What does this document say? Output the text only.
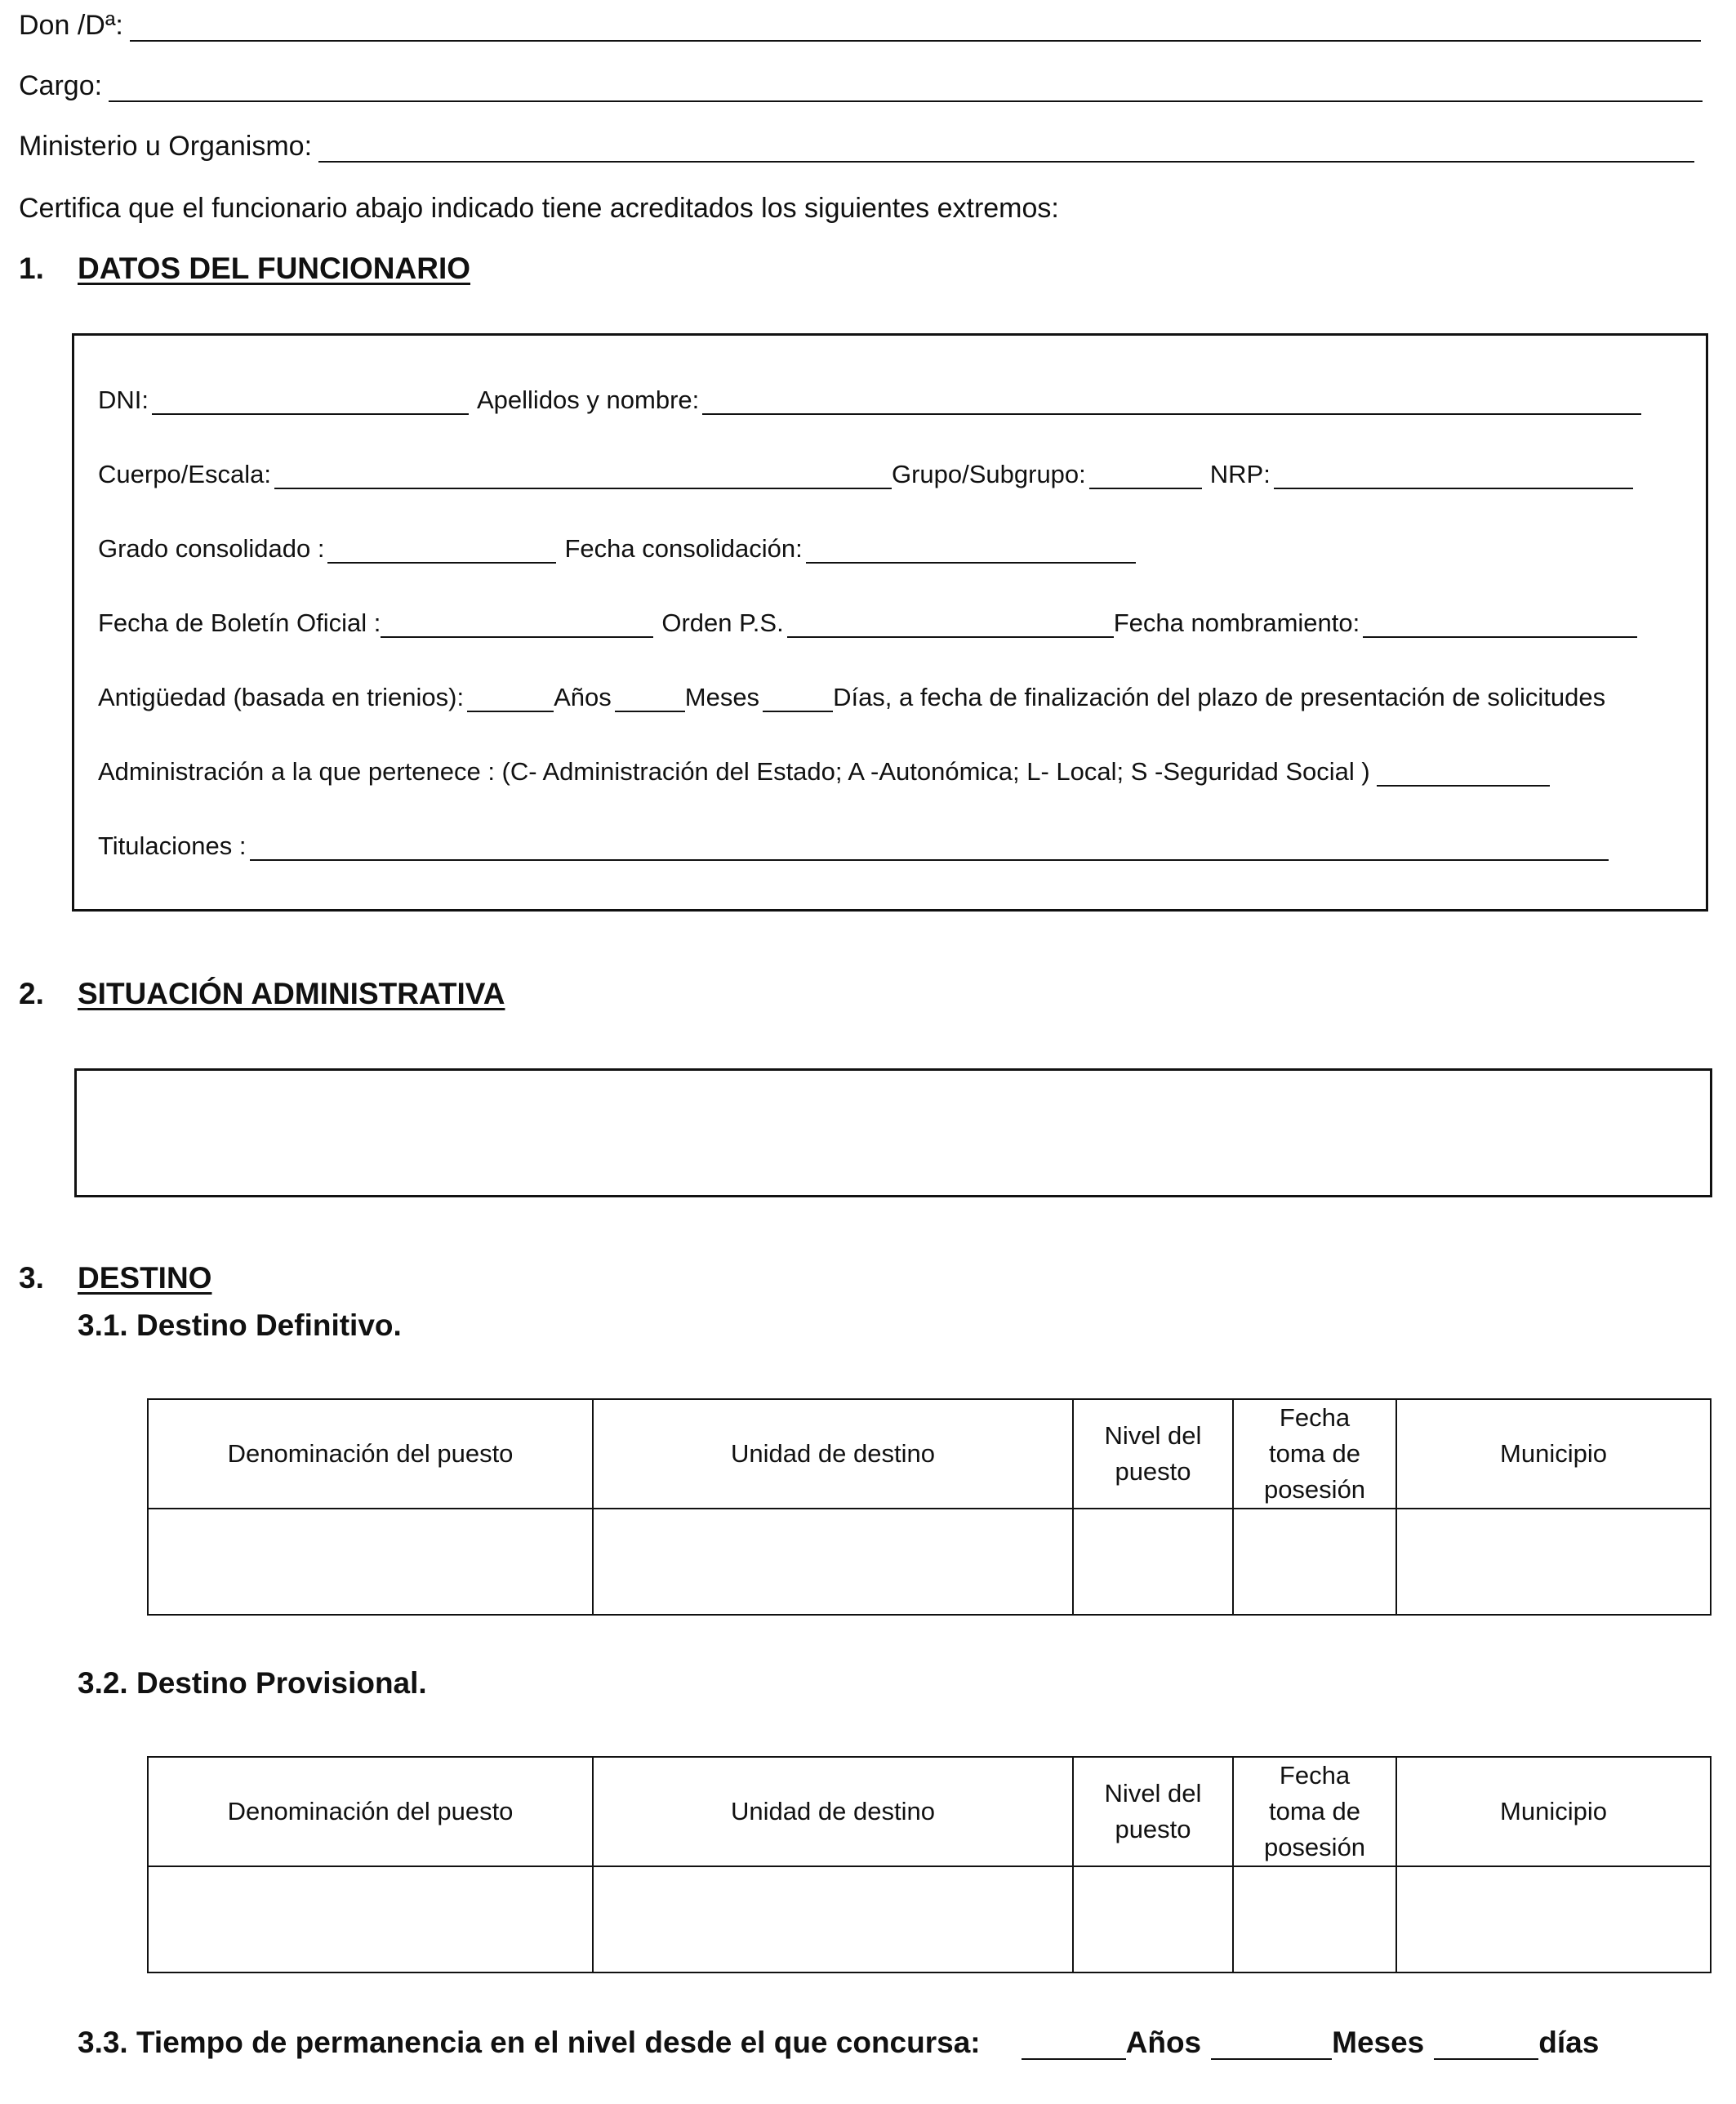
Don /Dª:
Cargo:
Ministerio u Organismo:
Certifica que el funcionario abajo indicado tiene acreditados los siguientes extremos:
1.	DATOS DEL FUNCIONARIO
DNI:	Apellidos y nombre:
Cuerpo/Escala:	Grupo/Subgrupo:	NRP:
Grado consolidado :	Fecha consolidación:
Fecha de Boletín Oficial :	Orden P.S.	Fecha nombramiento:
Antigüedad (basada en trienios):	Años	Meses	Días, a fecha de finalización del plazo de presentación de solicitudes
Administración a la que pertenece : (C- Administración del Estado; A -Autonómica; L- Local; S -Seguridad Social )
Titulaciones :
2.	SITUACIÓN ADMINISTRATIVA
3.	DESTINO
3.1. Destino Definitivo.
Denominación del puesto	Unidad de destino	Nivel del puesto	Fecha toma de posesión	Municipio

3.2. Destino Provisional.
Denominación del puesto	Unidad de destino	Nivel del puesto	Fecha toma de posesión	Municipio

3.3. Tiempo de permanencia en el nivel desde el que concursa:	Años	Meses	días
